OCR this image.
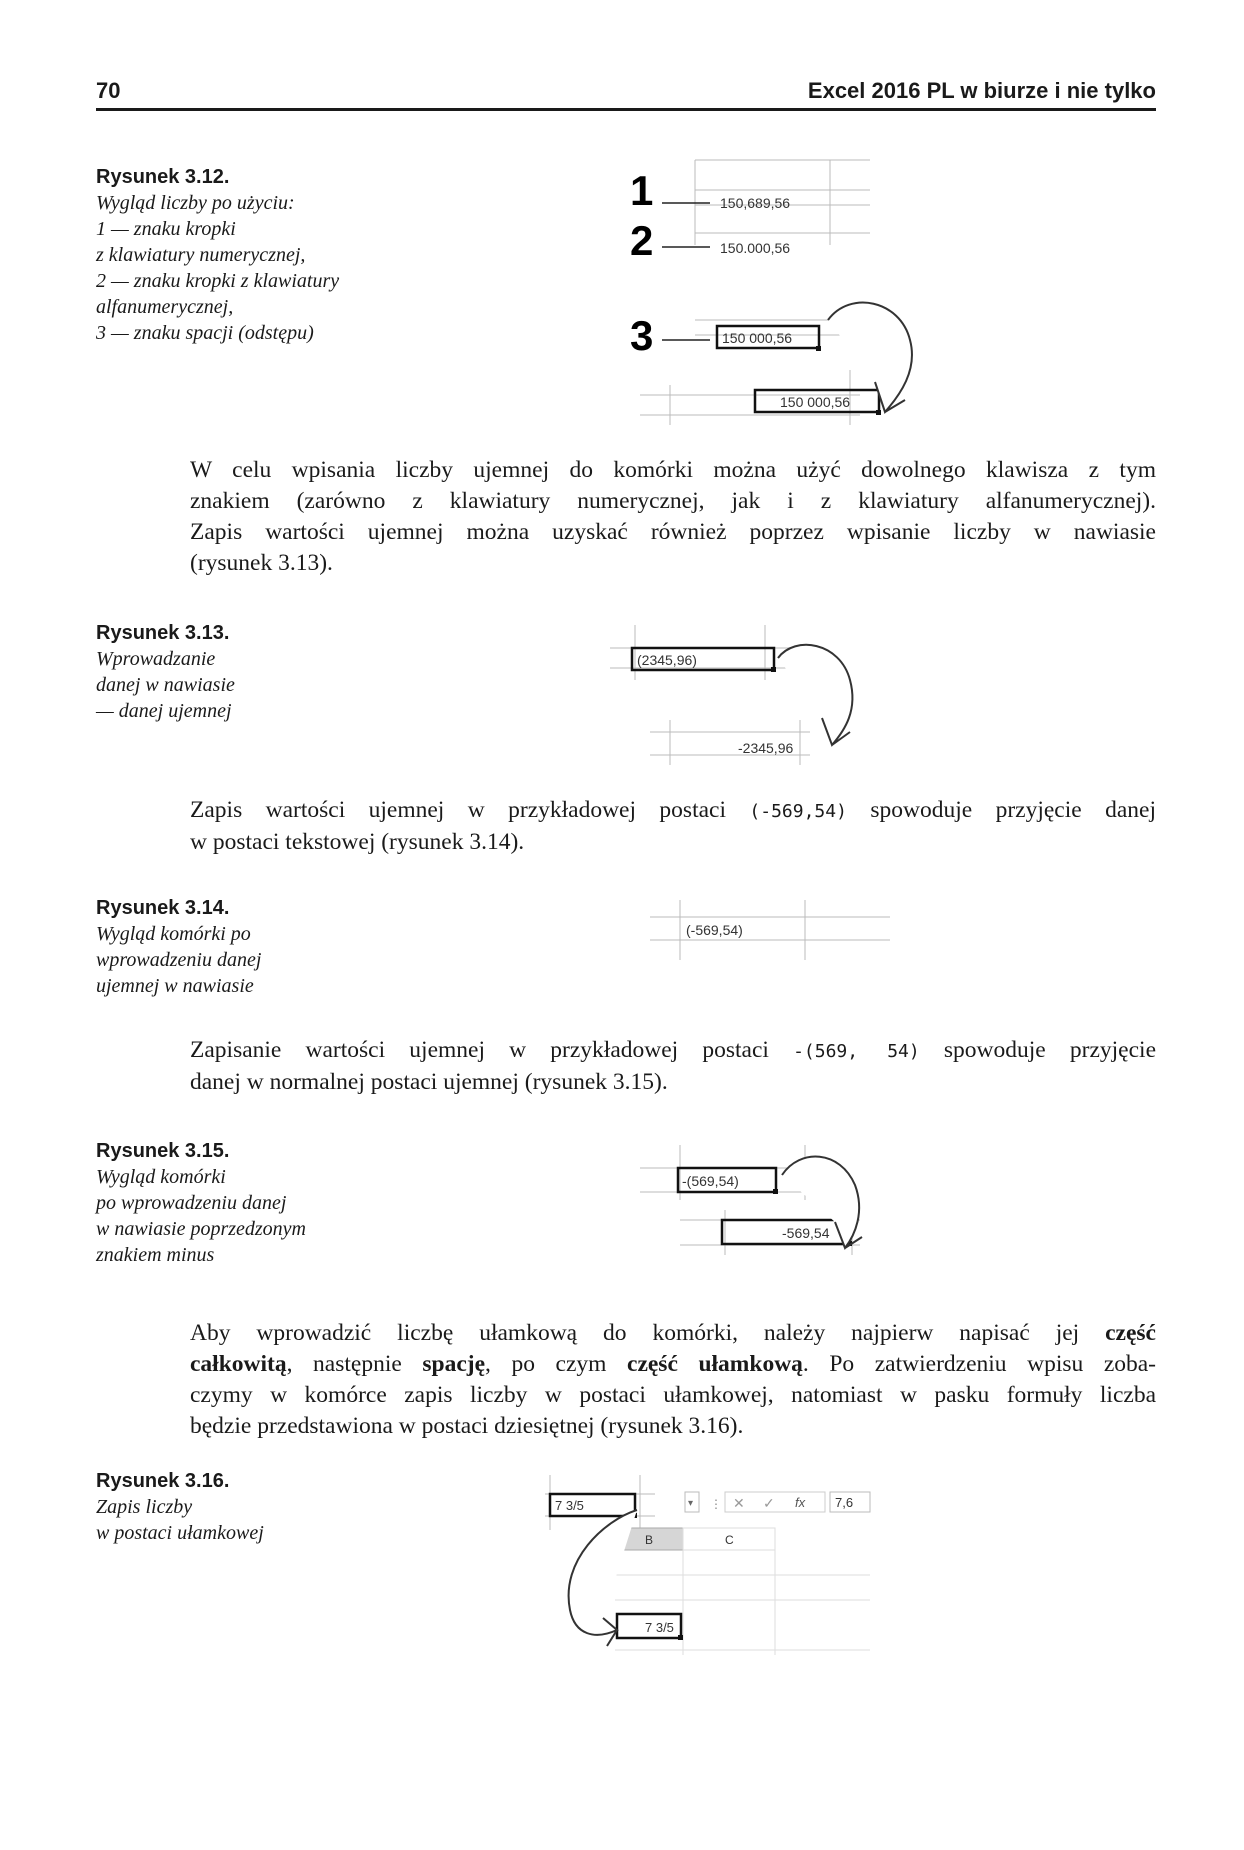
70	Excel 2016 PL w biurze i nie tylko
Rysunek 3.12.
Wygląd liczby po użyciu:
1 — znaku kropki
z klawiatury numerycznej,
2 — znaku kropki z klawiatury
alfanumerycznej,
3 — znaku spacji (odstępu)
1
2
3
150,689,56
150.000,56
150 000,56
150 000,56
W celu wpisania liczby ujemnej do komórki można użyć dowolnego klawisza z tym
znakiem (zarówno z klawiatury numerycznej, jak i z klawiatury alfanumerycznej).
Zapis wartości ujemnej można uzyskać również poprzez wpisanie liczby w nawiasie
(rysunek 3.13).
Rysunek 3.13.
Wprowadzanie
danej w nawiasie
— danej ujemnej
(2345,96)
-2345,96
Zapis wartości ujemnej w przykładowej postaci (-569,54) spowoduje przyjęcie danej
w postaci tekstowej (rysunek 3.14).
Rysunek 3.14.
Wygląd komórki po
wprowadzeniu danej
ujemnej w nawiasie
(-569,54)
Zapisanie wartości ujemnej w przykładowej postaci -(569, 54) spowoduje przyjęcie
danej w normalnej postaci ujemnej (rysunek 3.15).
Rysunek 3.15.
Wygląd komórki
po wprowadzeniu danej
w nawiasie poprzedzonym
znakiem minus
-(569,54)
-569,54
Aby wprowadzić liczbę ułamkową do komórki, należy najpierw napisać jej część
całkowitą, następnie spację, po czym część ułamkową. Po zatwierdzeniu wpisu zoba-
czymy w komórce zapis liczby w postaci ułamkowej, natomiast w pasku formuły liczba
będzie przedstawiona w postaci dziesiętnej (rysunek 3.16).
Rysunek 3.16.
Zapis liczby
w postaci ułamkowej
7 3/5	▾ ⋮ ✕ ✓ fx 7,6
B	C
7 3/5
